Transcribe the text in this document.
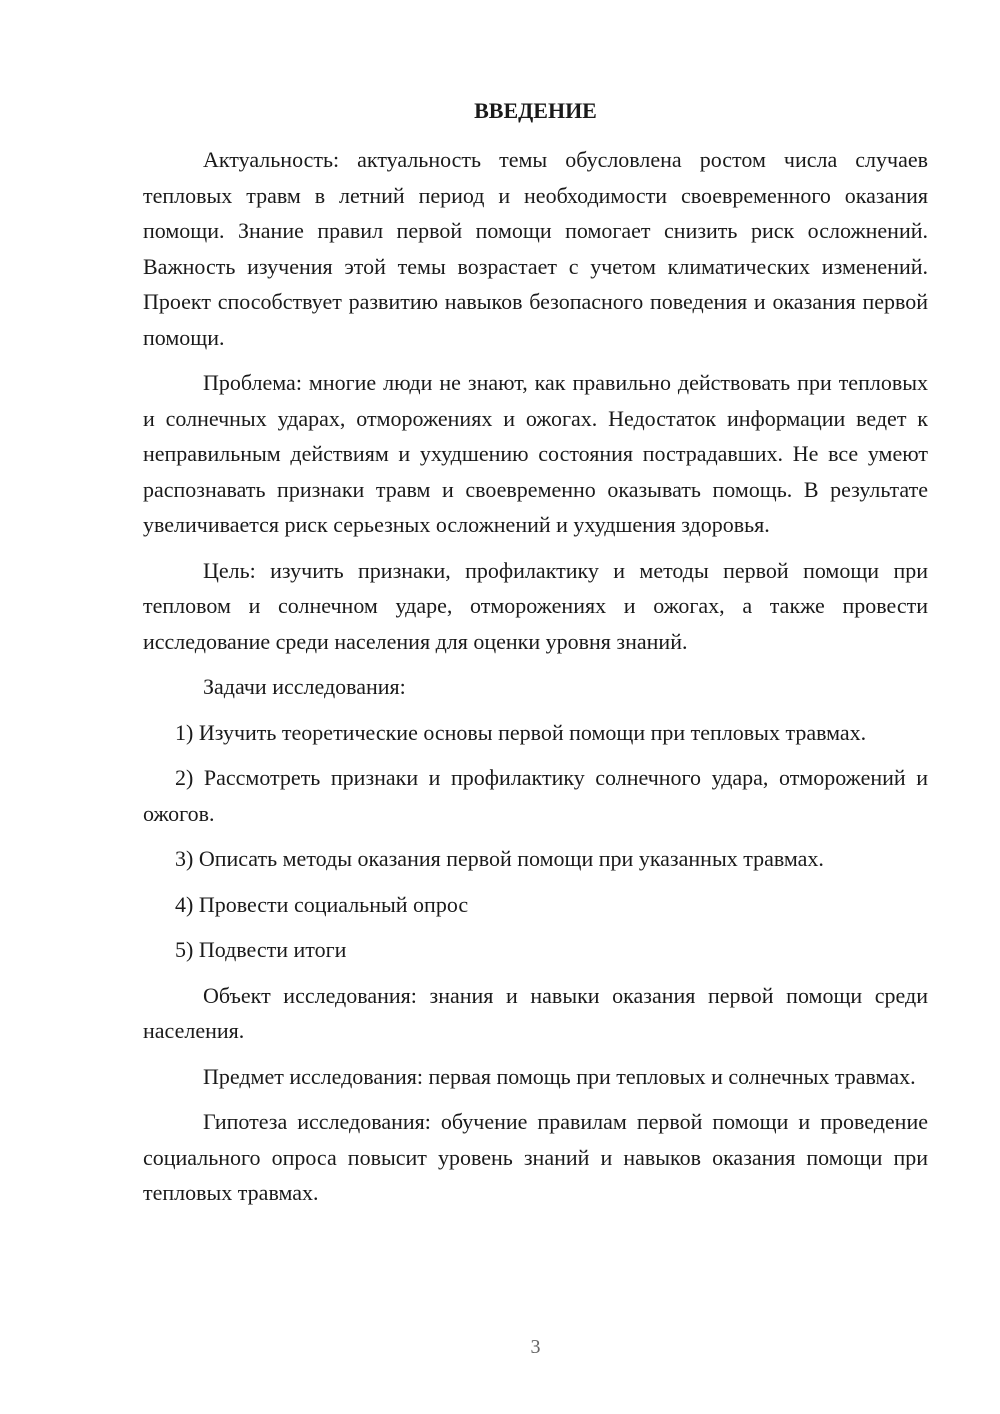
ВВЕДЕНИЕ

Актуальность: актуальность темы обусловлена ростом числа случаев тепловых травм в летний период и необходимости своевременного оказания помощи. Знание правил первой помощи помогает снизить риск осложнений. Важность изучения этой темы возрастает с учетом климатических изменений. Проект способствует развитию навыков безопасного поведения и оказания первой помощи.

Проблема: многие люди не знают, как правильно действовать при тепловых и солнечных ударах, отморожениях и ожогах. Недостаток информации ведет к неправильным действиям и ухудшению состояния пострадавших. Не все умеют распознавать признаки травм и своевременно оказывать помощь. В результате увеличивается риск серьезных осложнений и ухудшения здоровья.

Цель: изучить признаки, профилактику и методы первой помощи при тепловом и солнечном ударе, отморожениях и ожогах, а также провести исследование среди населения для оценки уровня знаний.

Задачи исследования:

1) Изучить теоретические основы первой помощи при тепловых травмах.

2) Рассмотреть признаки и профилактику солнечного удара, отморожений и ожогов.

3) Описать методы оказания первой помощи при указанных травмах.

4) Провести социальный опрос

5) Подвести итоги

Объект исследования: знания и навыки оказания первой помощи среди населения.

Предмет исследования: первая помощь при тепловых и солнечных травмах.

Гипотеза исследования: обучение правилам первой помощи и проведение социального опроса повысит уровень знаний и навыков оказания помощи при тепловых травмах.

3
